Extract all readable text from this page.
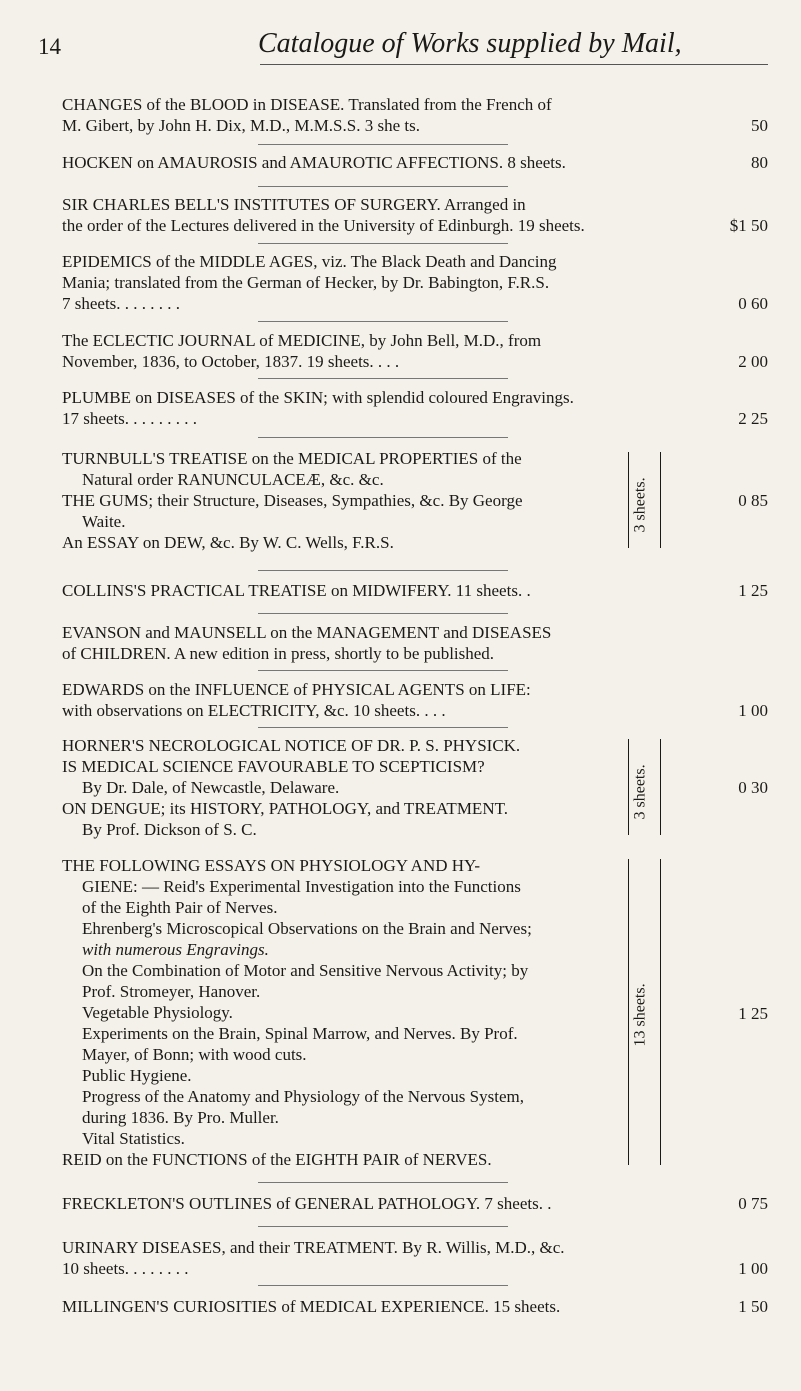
14	Catalogue of Works supplied by Mail,
CHANGES of the BLOOD in DISEASE. Translated from the French of
M. Gibert, by John H. Dix, M.D., M.M.S.S. 3 she ts.	50
HOCKEN on AMAUROSIS and AMAUROTIC AFFECTIONS. 8 sheets.	80
SIR CHARLES BELL'S INSTITUTES OF SURGERY. Arranged in
the order of the Lectures delivered in the University of Edinburgh. 19 sheets.	$1 50
EPIDEMICS of the MIDDLE AGES, viz. The Black Death and Dancing
Mania; translated from the German of Hecker, by Dr. Babington, F.R.S.
7 sheets. . . . . . . .	0 60
The ECLECTIC JOURNAL of MEDICINE, by John Bell, M.D., from
November, 1836, to October, 1837. 19 sheets. . . .	2 00
PLUMBE on DISEASES of the SKIN; with splendid coloured Engravings.
17 sheets. . . . . . . . .	2 25
TURNBULL'S TREATISE on the MEDICAL PROPERTIES of the
Natural order RANUNCULACEÆ, &c. &c.
THE GUMS; their Structure, Diseases, Sympathies, &c. By George
Waite.
An ESSAY on DEW, &c. By W. C. Wells, F.R.S.
3 sheets.	0 85
COLLINS'S PRACTICAL TREATISE on MIDWIFERY. 11 sheets. .	1 25
EVANSON and MAUNSELL on the MANAGEMENT and DISEASES
of CHILDREN. A new edition in press, shortly to be published.
EDWARDS on the INFLUENCE of PHYSICAL AGENTS on LIFE:
with observations on ELECTRICITY, &c. 10 sheets. . . .	1 00
HORNER'S NECROLOGICAL NOTICE OF DR. P. S. PHYSICK.
IS MEDICAL SCIENCE FAVOURABLE TO SCEPTICISM?
By Dr. Dale, of Newcastle, Delaware.
ON DENGUE; its HISTORY, PATHOLOGY, and TREATMENT.
By Prof. Dickson of S. C.
3 sheets.	0 30
THE FOLLOWING ESSAYS ON PHYSIOLOGY AND HY-
GIENE: — Reid's Experimental Investigation into the Functions
of the Eighth Pair of Nerves.
Ehrenberg's Microscopical Observations on the Brain and Nerves;
with numerous Engravings.
On the Combination of Motor and Sensitive Nervous Activity; by
Prof. Stromeyer, Hanover.
Vegetable Physiology.
Experiments on the Brain, Spinal Marrow, and Nerves. By Prof.
Mayer, of Bonn; with wood cuts.
Public Hygiene.
Progress of the Anatomy and Physiology of the Nervous System,
during 1836. By Pro. Muller.
Vital Statistics.
REID on the FUNCTIONS of the EIGHTH PAIR of NERVES.
13 sheets.	1 25
FRECKLETON'S OUTLINES of GENERAL PATHOLOGY. 7 sheets. .	0 75
URINARY DISEASES, and their TREATMENT. By R. Willis, M.D., &c.
10 sheets. . . . . . . .	1 00
MILLINGEN'S CURIOSITIES of MEDICAL EXPERIENCE. 15 sheets.	1 50
